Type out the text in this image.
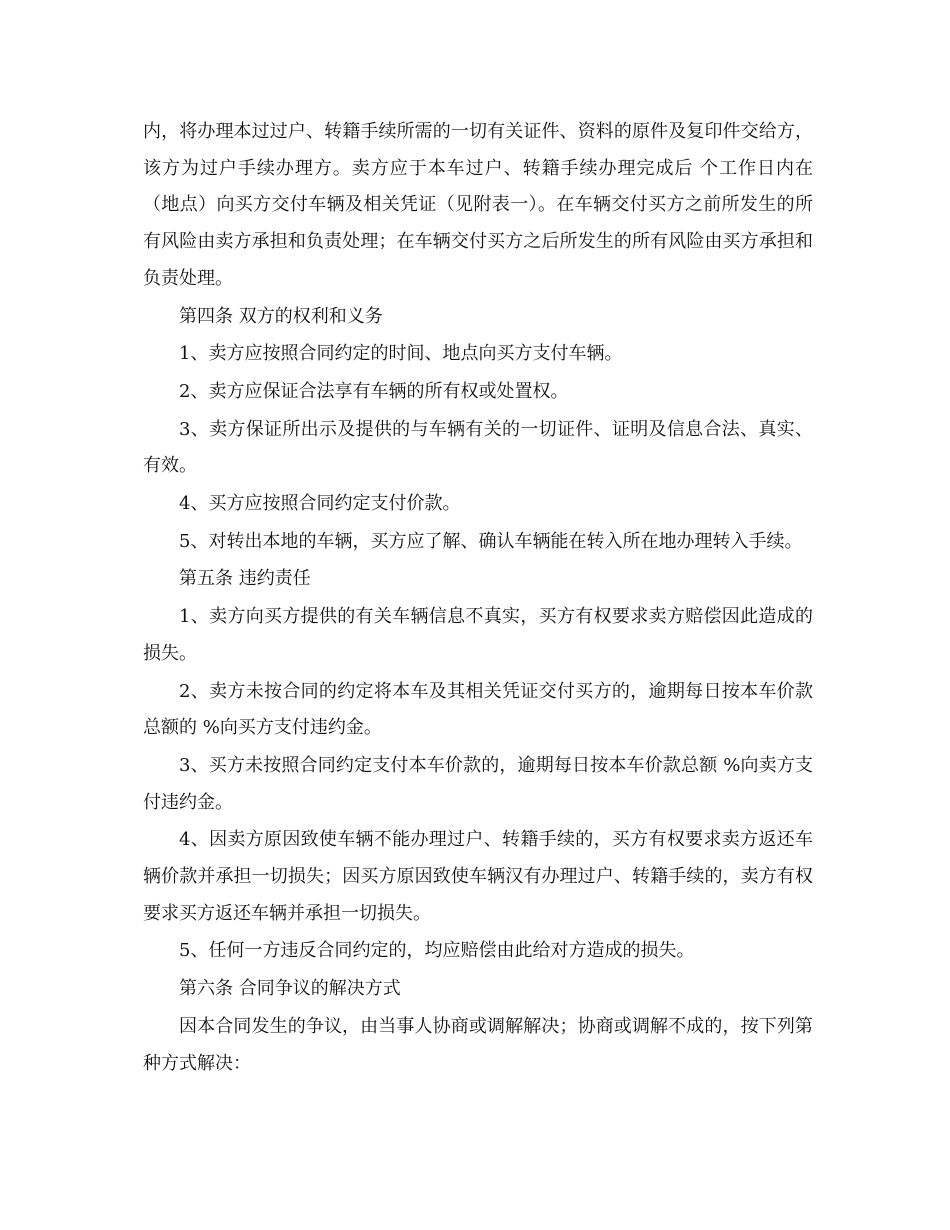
内，将办理本过过户、转籍手续所需的一切有关证件、资料的原件及复印件交给方，该方为过户手续办理方。卖方应于本车过户、转籍手续办理完成后 个工作日内在（地点）向买方交付车辆及相关凭证（见附表一）。在车辆交付买方之前所发生的所有风险由卖方承担和负责处理；在车辆交付买方之后所发生的所有风险由买方承担和负责处理。

第四条 双方的权利和义务

1、卖方应按照合同约定的时间、地点向买方支付车辆。

2、卖方应保证合法享有车辆的所有权或处置权。

3、卖方保证所出示及提供的与车辆有关的一切证件、证明及信息合法、真实、有效。

4、买方应按照合同约定支付价款。

5、对转出本地的车辆，买方应了解、确认车辆能在转入所在地办理转入手续。

第五条 违约责任

1、卖方向买方提供的有关车辆信息不真实，买方有权要求卖方赔偿因此造成的损失。

2、卖方未按合同的约定将本车及其相关凭证交付买方的，逾期每日按本车价款总额的 %向买方支付违约金。

3、买方未按照合同约定支付本车价款的，逾期每日按本车价款总额 %向卖方支付违约金。

4、因卖方原因致使车辆不能办理过户、转籍手续的，买方有权要求卖方返还车辆价款并承担一切损失；因买方原因致使车辆汉有办理过户、转籍手续的，卖方有权要求买方返还车辆并承担一切损失。

5、任何一方违反合同约定的，均应赔偿由此给对方造成的损失。

第六条 合同争议的解决方式

因本合同发生的争议，由当事人协商或调解解决；协商或调解不成的，按下列第种方式解决：
